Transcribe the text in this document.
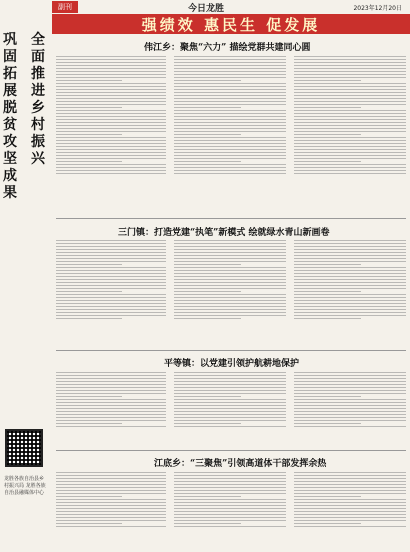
副刊	今日龙胜	2023年12月20日
巩固拓展脱贫攻坚成果
全面推进乡村振兴
龙胜各族自治县乡村振兴局 龙胜各族自治县融媒体中心
强绩效 惠民生 促发展
伟江乡：聚焦“六力” 描绘党群共建同心圆
三门镇：打造党建“执笔”新模式 绘就绿水青山新画卷
平等镇：以党建引领护航耕地保护
江底乡：“三聚焦”引领高道体干部发挥余热
